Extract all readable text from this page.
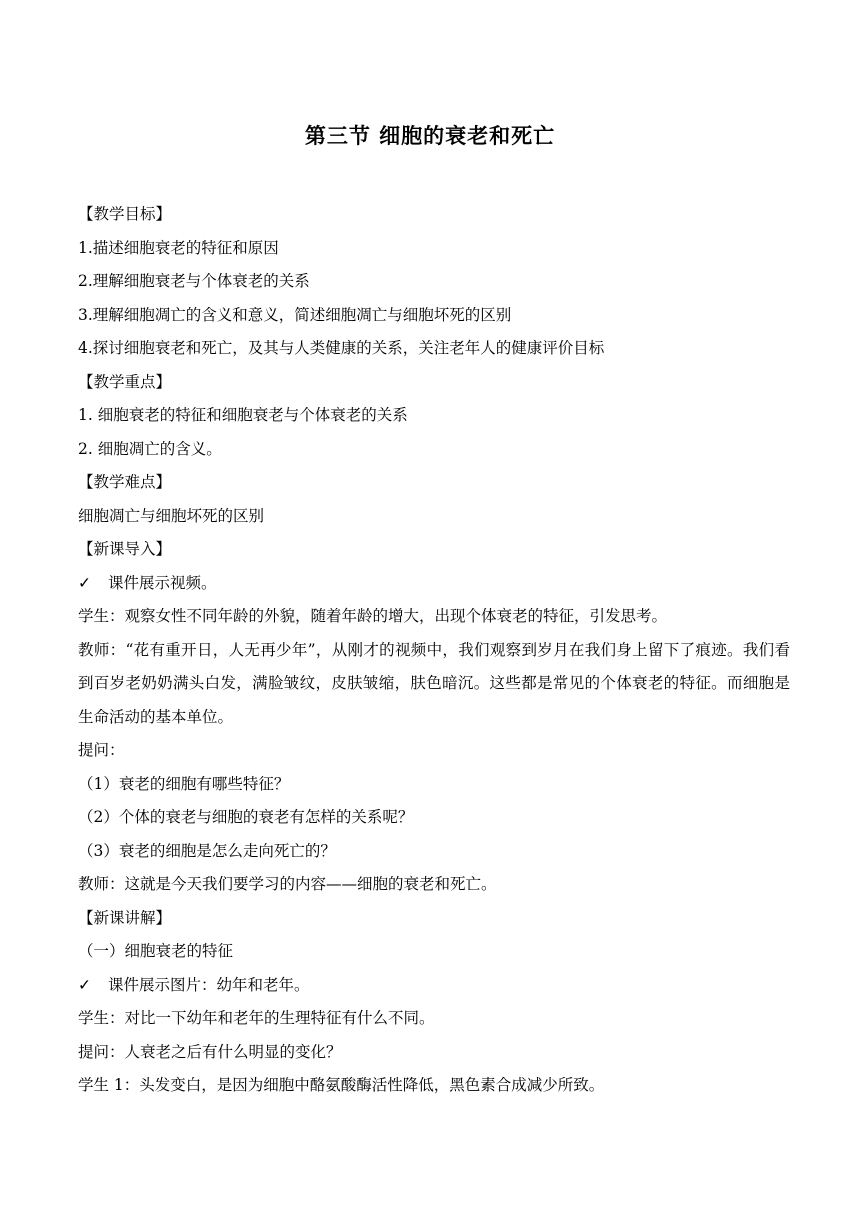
第三节 细胞的衰老和死亡
【教学目标】
1.描述细胞衰老的特征和原因
2.理解细胞衰老与个体衰老的关系
3.理解细胞凋亡的含义和意义，简述细胞凋亡与细胞坏死的区别
4.探讨细胞衰老和死亡，及其与人类健康的关系，关注老年人的健康评价目标
【教学重点】
1. 细胞衰老的特征和细胞衰老与个体衰老的关系
2. 细胞凋亡的含义。
【教学难点】
细胞凋亡与细胞坏死的区别
【新课导入】
✓ 课件展示视频。
学生：观察女性不同年龄的外貌，随着年龄的增大，出现个体衰老的特征，引发思考。
教师：“花有重开日，人无再少年”，从刚才的视频中，我们观察到岁月在我们身上留下了痕迹。我们看到百岁老奶奶满头白发，满脸皱纹，皮肤皱缩，肤色暗沉。这些都是常见的个体衰老的特征。而细胞是生命活动的基本单位。
提问：
（1）衰老的细胞有哪些特征？
（2）个体的衰老与细胞的衰老有怎样的关系呢？
（3）衰老的细胞是怎么走向死亡的？
教师：这就是今天我们要学习的内容——细胞的衰老和死亡。
【新课讲解】
（一）细胞衰老的特征
✓ 课件展示图片：幼年和老年。
学生：对比一下幼年和老年的生理特征有什么不同。
提问：人衰老之后有什么明显的变化？
学生 1：头发变白，是因为细胞中酪氨酸酶活性降低，黑色素合成减少所致。
